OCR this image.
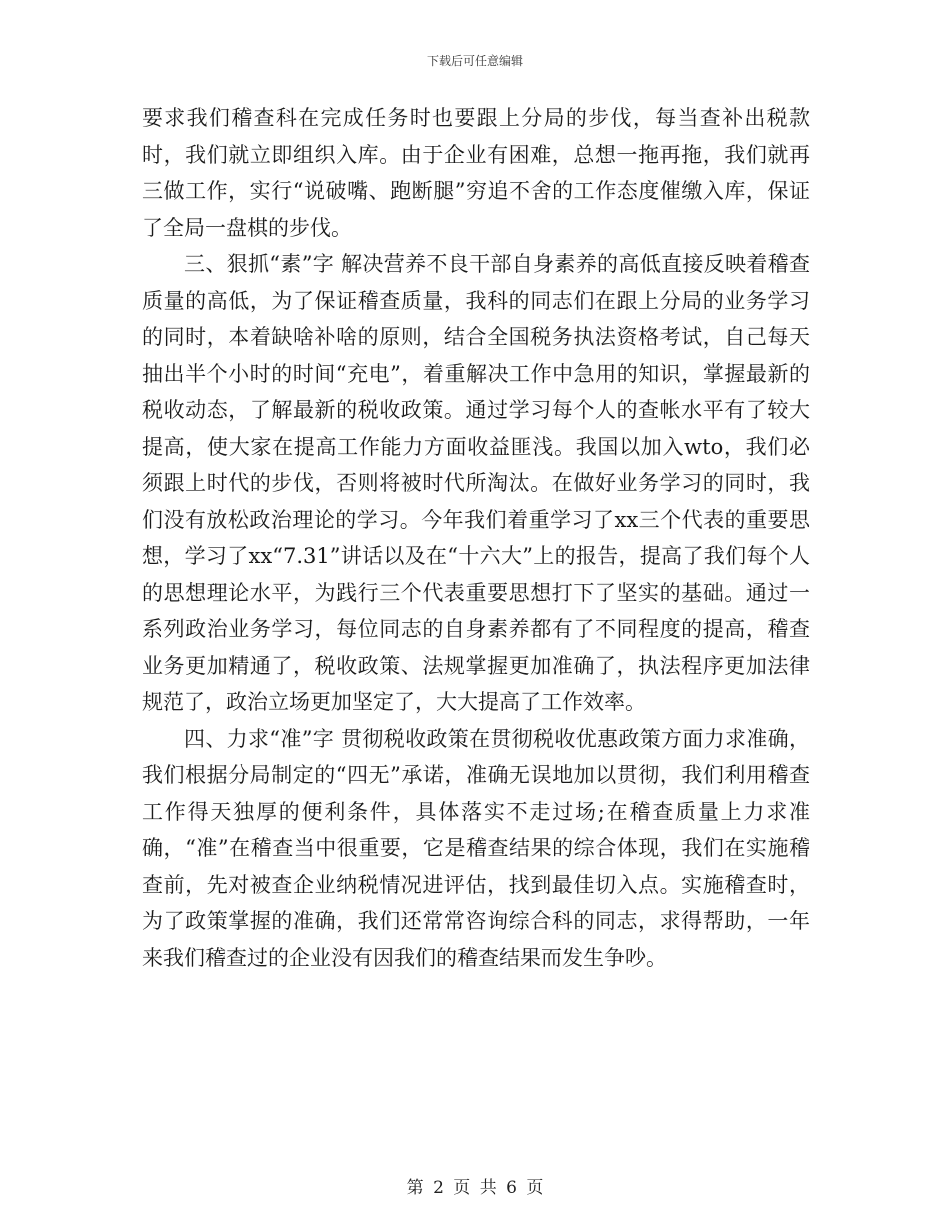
下载后可任意编辑

要求我们稽查科在完成任务时也要跟上分局的步伐，每当查补出税款时，我们就立即组织入库。由于企业有困难，总想一拖再拖，我们就再三做工作，实行“说破嘴、跑断腿”穷追不舍的工作态度催缴入库，保证了全局一盘棋的步伐。

三、狠抓“素”字 解决营养不良干部自身素养的高低直接反映着稽查质量的高低，为了保证稽查质量，我科的同志们在跟上分局的业务学习的同时，本着缺啥补啥的原则，结合全国税务执法资格考试，自己每天抽出半个小时的时间“充电”，着重解决工作中急用的知识，掌握最新的税收动态，了解最新的税收政策。通过学习每个人的查帐水平有了较大提高，使大家在提高工作能力方面收益匪浅。我国以加入wto，我们必须跟上时代的步伐，否则将被时代所淘汰。在做好业务学习的同时，我们没有放松政治理论的学习。今年我们着重学习了xx三个代表的重要思想，学习了xx“7.31”讲话以及在“十六大”上的报告，提高了我们每个人的思想理论水平，为践行三个代表重要思想打下了坚实的基础。通过一系列政治业务学习，每位同志的自身素养都有了不同程度的提高，稽查业务更加精通了，税收政策、法规掌握更加准确了，执法程序更加法律规范了，政治立场更加坚定了，大大提高了工作效率。

四、力求“准”字 贯彻税收政策在贯彻税收优惠政策方面力求准确，我们根据分局制定的“四无”承诺，准确无误地加以贯彻，我们利用稽查工作得天独厚的便利条件，具体落实不走过场;在稽查质量上力求准确，“准”在稽查当中很重要，它是稽查结果的综合体现，我们在实施稽查前，先对被查企业纳税情况进评估，找到最佳切入点。实施稽查时，为了政策掌握的准确，我们还常常咨询综合科的同志，求得帮助，一年来我们稽查过的企业没有因我们的稽查结果而发生争吵。

第 2 页 共 6 页
